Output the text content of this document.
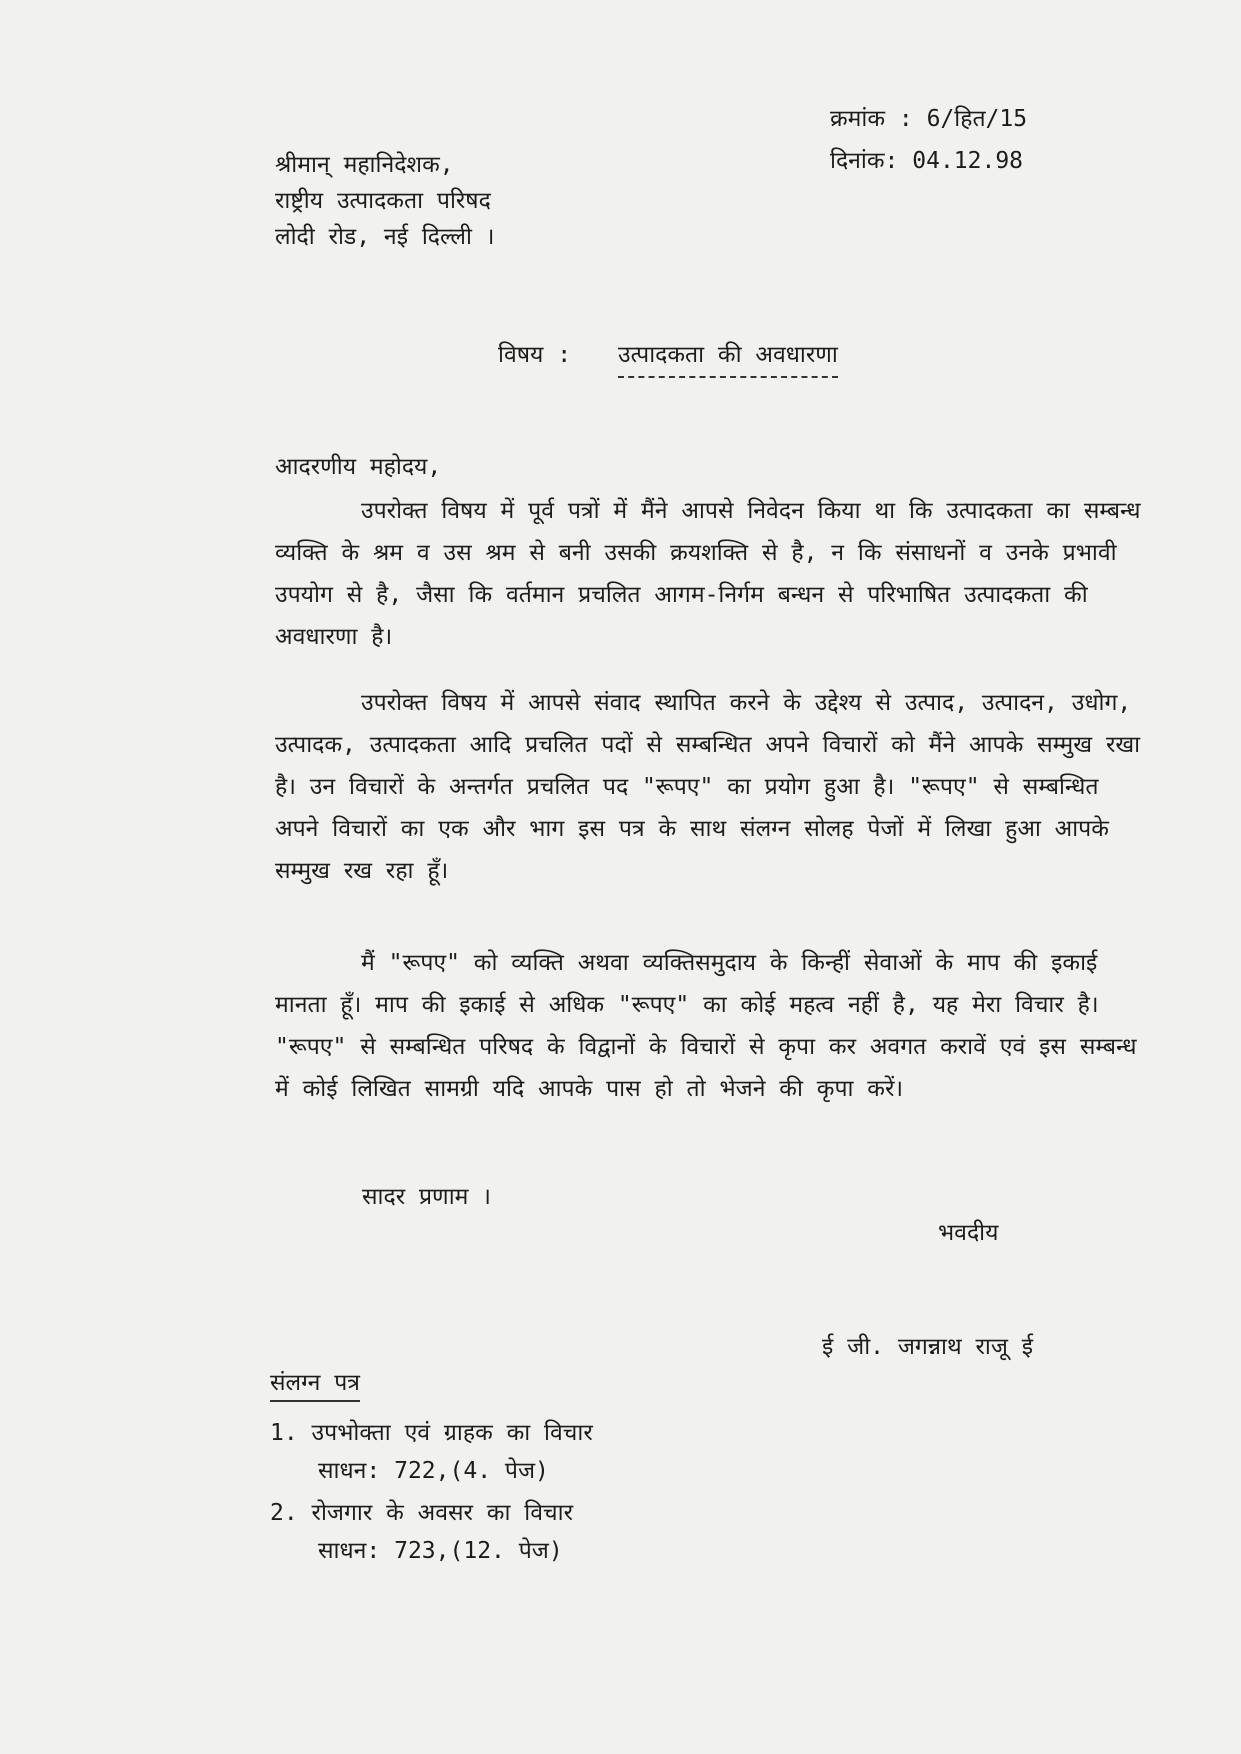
क्रमांक : 6/हित/15
दिनांक: 04.12.98
श्रीमान् महानिदेशक,
राष्ट्रीय उत्पादकता परिषद
लोदी रोड, नई दिल्ली ।
विषय : उत्पादकता की अवधारणा
आदरणीय महोदय,

उपरोक्त विषय में पूर्व पत्रों में मैंने आपसे निवेदन किया था कि उत्पादकता का सम्बन्ध व्यक्ति के श्रम व उस श्रम से बनी उसकी क्रयशक्ति से है, न कि संसाधनों व उनके प्रभावी उपयोग से है, जैसा कि वर्तमान प्रचलित आगम-निर्गम बन्धन से परिभाषित उत्पादकता की अवधारणा है।

उपरोक्त विषय में आपसे संवाद स्थापित करने के उद्देश्य से उत्पाद, उत्पादन, उधोग, उत्पादक, उत्पादकता आदि प्रचलित पदों से सम्बन्धित अपने विचारों को मैंने आपके सम्मुख रखा है। उन विचारों के अन्तर्गत प्रचलित पद "रूपए" का प्रयोग हुआ है। "रूपए" से सम्बन्धित अपने विचारों का एक और भाग इस पत्र के साथ संलग्न सोलह पेजों में लिखा हुआ आपके सम्मुख रख रहा हूँ।

मैं "रूपए" को व्यक्ति अथवा व्यक्तिसमुदाय के किन्हीं सेवाओं के माप की इकाई मानता हूँ। माप की इकाई से अधिक "रूपए" का कोई महत्व नहीं है, यह मेरा विचार है। "रूपए" से सम्बन्धित परिषद के विद्वानों के विचारों से कृपा कर अवगत करावें एवं इस सम्बन्ध में कोई लिखित सामग्री यदि आपके पास हो तो भेजने की कृपा करें।

सादर प्रणाम ।
भवदीय
ई जी. जगन्नाथ राजू ई
संलग्न पत्र
1. उपभोक्ता एवं ग्राहक का विचार
साधन: 722,(4. पेज)
2. रोजगार के अवसर का विचार
साधन: 723,(12. पेज)
